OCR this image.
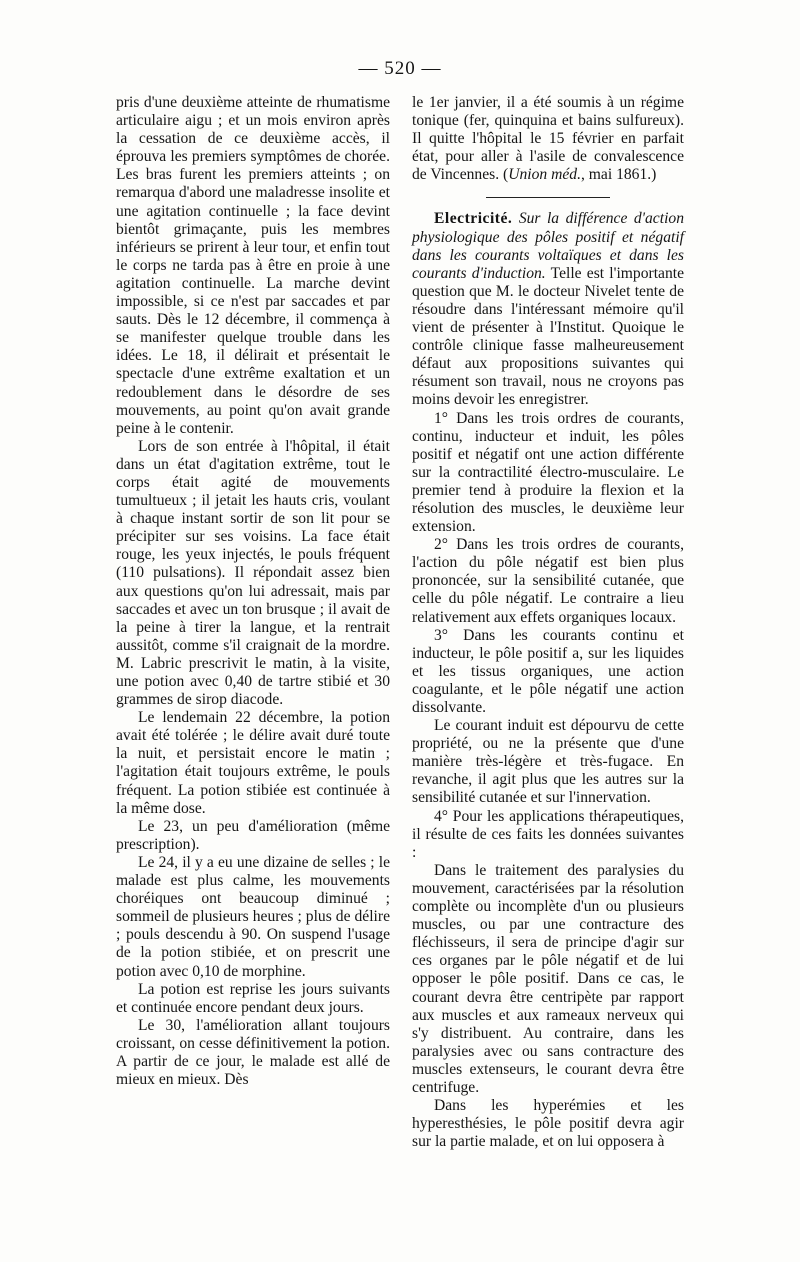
— 520 —

pris d'une deuxième atteinte de rhumatisme articulaire aigu ; et un mois environ après la cessation de ce deuxième accès, il éprouva les premiers symptômes de chorée. Les bras furent les premiers atteints ; on remarqua d'abord une maladresse insolite et une agitation continuelle ; la face devint bientôt grimaçante, puis les membres inférieurs se prirent à leur tour, et enfin tout le corps ne tarda pas à être en proie à une agitation continuelle. La marche devint impossible, si ce n'est par saccades et par sauts. Dès le 12 décembre, il commença à se manifester quelque trouble dans les idées. Le 18, il délirait et présentait le spectacle d'une extrême exaltation et un redoublement dans le désordre de ses mouvements, au point qu'on avait grande peine à le contenir.

Lors de son entrée à l'hôpital, il était dans un état d'agitation extrême, tout le corps était agité de mouvements tumultueux ; il jetait les hauts cris, voulant à chaque instant sortir de son lit pour se précipiter sur ses voisins. La face était rouge, les yeux injectés, le pouls fréquent (110 pulsations). Il répondait assez bien aux questions qu'on lui adressait, mais par saccades et avec un ton brusque ; il avait de la peine à tirer la langue, et la rentrait aussitôt, comme s'il craignait de la mordre. M. Labric prescrivit le matin, à la visite, une potion avec 0,40 de tartre stibié et 30 grammes de sirop diacode.

Le lendemain 22 décembre, la potion avait été tolérée ; le délire avait duré toute la nuit, et persistait encore le matin ; l'agitation était toujours extrême, le pouls fréquent. La potion stibiée est continuée à la même dose.

Le 23, un peu d'amélioration (même prescription).

Le 24, il y a eu une dizaine de selles ; le malade est plus calme, les mouvements choréiques ont beaucoup diminué ; sommeil de plusieurs heures ; plus de délire ; pouls descendu à 90. On suspend l'usage de la potion stibiée, et on prescrit une potion avec 0,10 de morphine.

La potion est reprise les jours suivants et continuée encore pendant deux jours.

Le 30, l'amélioration allant toujours croissant, on cesse définitivement la potion. A partir de ce jour, le malade est allé de mieux en mieux. Dès

le 1er janvier, il a été soumis à un régime tonique (fer, quinquina et bains sulfureux). Il quitte l'hôpital le 15 février en parfait état, pour aller à l'asile de convalescence de Vincennes. (Union méd., mai 1861.)

Electricité. Sur la différence d'action physiologique des pôles positif et négatif dans les courants voltaïques et dans les courants d'induction. Telle est l'importante question que M. le docteur Nivelet tente de résoudre dans l'intéressant mémoire qu'il vient de présenter à l'Institut. Quoique le contrôle clinique fasse malheureusement défaut aux propositions suivantes qui résument son travail, nous ne croyons pas moins devoir les enregistrer.

1° Dans les trois ordres de courants, continu, inducteur et induit, les pôles positif et négatif ont une action différente sur la contractilité électro-musculaire. Le premier tend à produire la flexion et la résolution des muscles, le deuxième leur extension.

2° Dans les trois ordres de courants, l'action du pôle négatif est bien plus prononcée, sur la sensibilité cutanée, que celle du pôle négatif. Le contraire a lieu relativement aux effets organiques locaux.

3° Dans les courants continu et inducteur, le pôle positif a, sur les liquides et les tissus organiques, une action coagulante, et le pôle négatif une action dissolvante.

Le courant induit est dépourvu de cette propriété, ou ne la présente que d'une manière très-légère et très-fugace. En revanche, il agit plus que les autres sur la sensibilité cutanée et sur l'innervation.

4° Pour les applications thérapeutiques, il résulte de ces faits les données suivantes :

Dans le traitement des paralysies du mouvement, caractérisées par la résolution complète ou incomplète d'un ou plusieurs muscles, ou par une contracture des fléchisseurs, il sera de principe d'agir sur ces organes par le pôle négatif et de lui opposer le pôle positif. Dans ce cas, le courant devra être centripète par rapport aux muscles et aux rameaux nerveux qui s'y distribuent. Au contraire, dans les paralysies avec ou sans contracture des muscles extenseurs, le courant devra être centrifuge.

Dans les hyperémies et les hyperesthésies, le pôle positif devra agir sur la partie malade, et on lui opposera à
